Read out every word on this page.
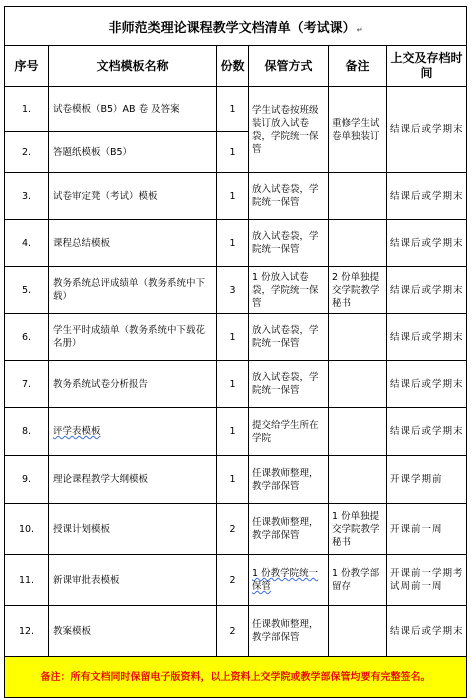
非师范类理论课程教学文档清单（考试课）↵					
序号	文档模板名称	份数	保管方式	备注	上交及存档时间
1.	试卷模板（B5）AB 卷 及答案	1	学生试卷按班级装订放入试卷袋，学院统一保管	重修学生试卷单独装订	结课后或学期末
2.	答题纸模板（B5）	1			
3.	试卷审定凳（考试）模板	1	放入试卷袋，学院统一保管		结课后或学期末
4.	课程总结模板	1	放入试卷袋，学院统一保管		结课后或学期末
5.	教务系统总评成绩单（教务系统中下载）	3	1 份放入试卷袋，学院统一保管	2 份单独提交学院教学秘书	结课后或学期末
6.	学生平时成绩单（教务系统中下载花名册）	1	放入试卷袋，学院统一保管		结课后或学期末
7.	教务系统试卷分析报告	1	放入试卷袋，学院统一保管		结课后或学期末
8.	评学表模板	1	提交给学生所在学院		结课后或学期末
9.	理论课程教学大纲模板	1	任课教师整理，教学部保管		开课学期前
10.	授课计划模板	2	任课教师整理，教学部保管	1 份单独提交学院教学秘书	开课前一周
11.	新课审批表模板	2	1 份教学院统一保管	1 份教学部留存	开课前一学期考试周前一周
12.	教案模板	2	任课教师整理，教学部保管		结课后或学期末
备注：所有文档同时保留电子版资料，以上资料上交学院或教学部保管均要有完整签名。					
